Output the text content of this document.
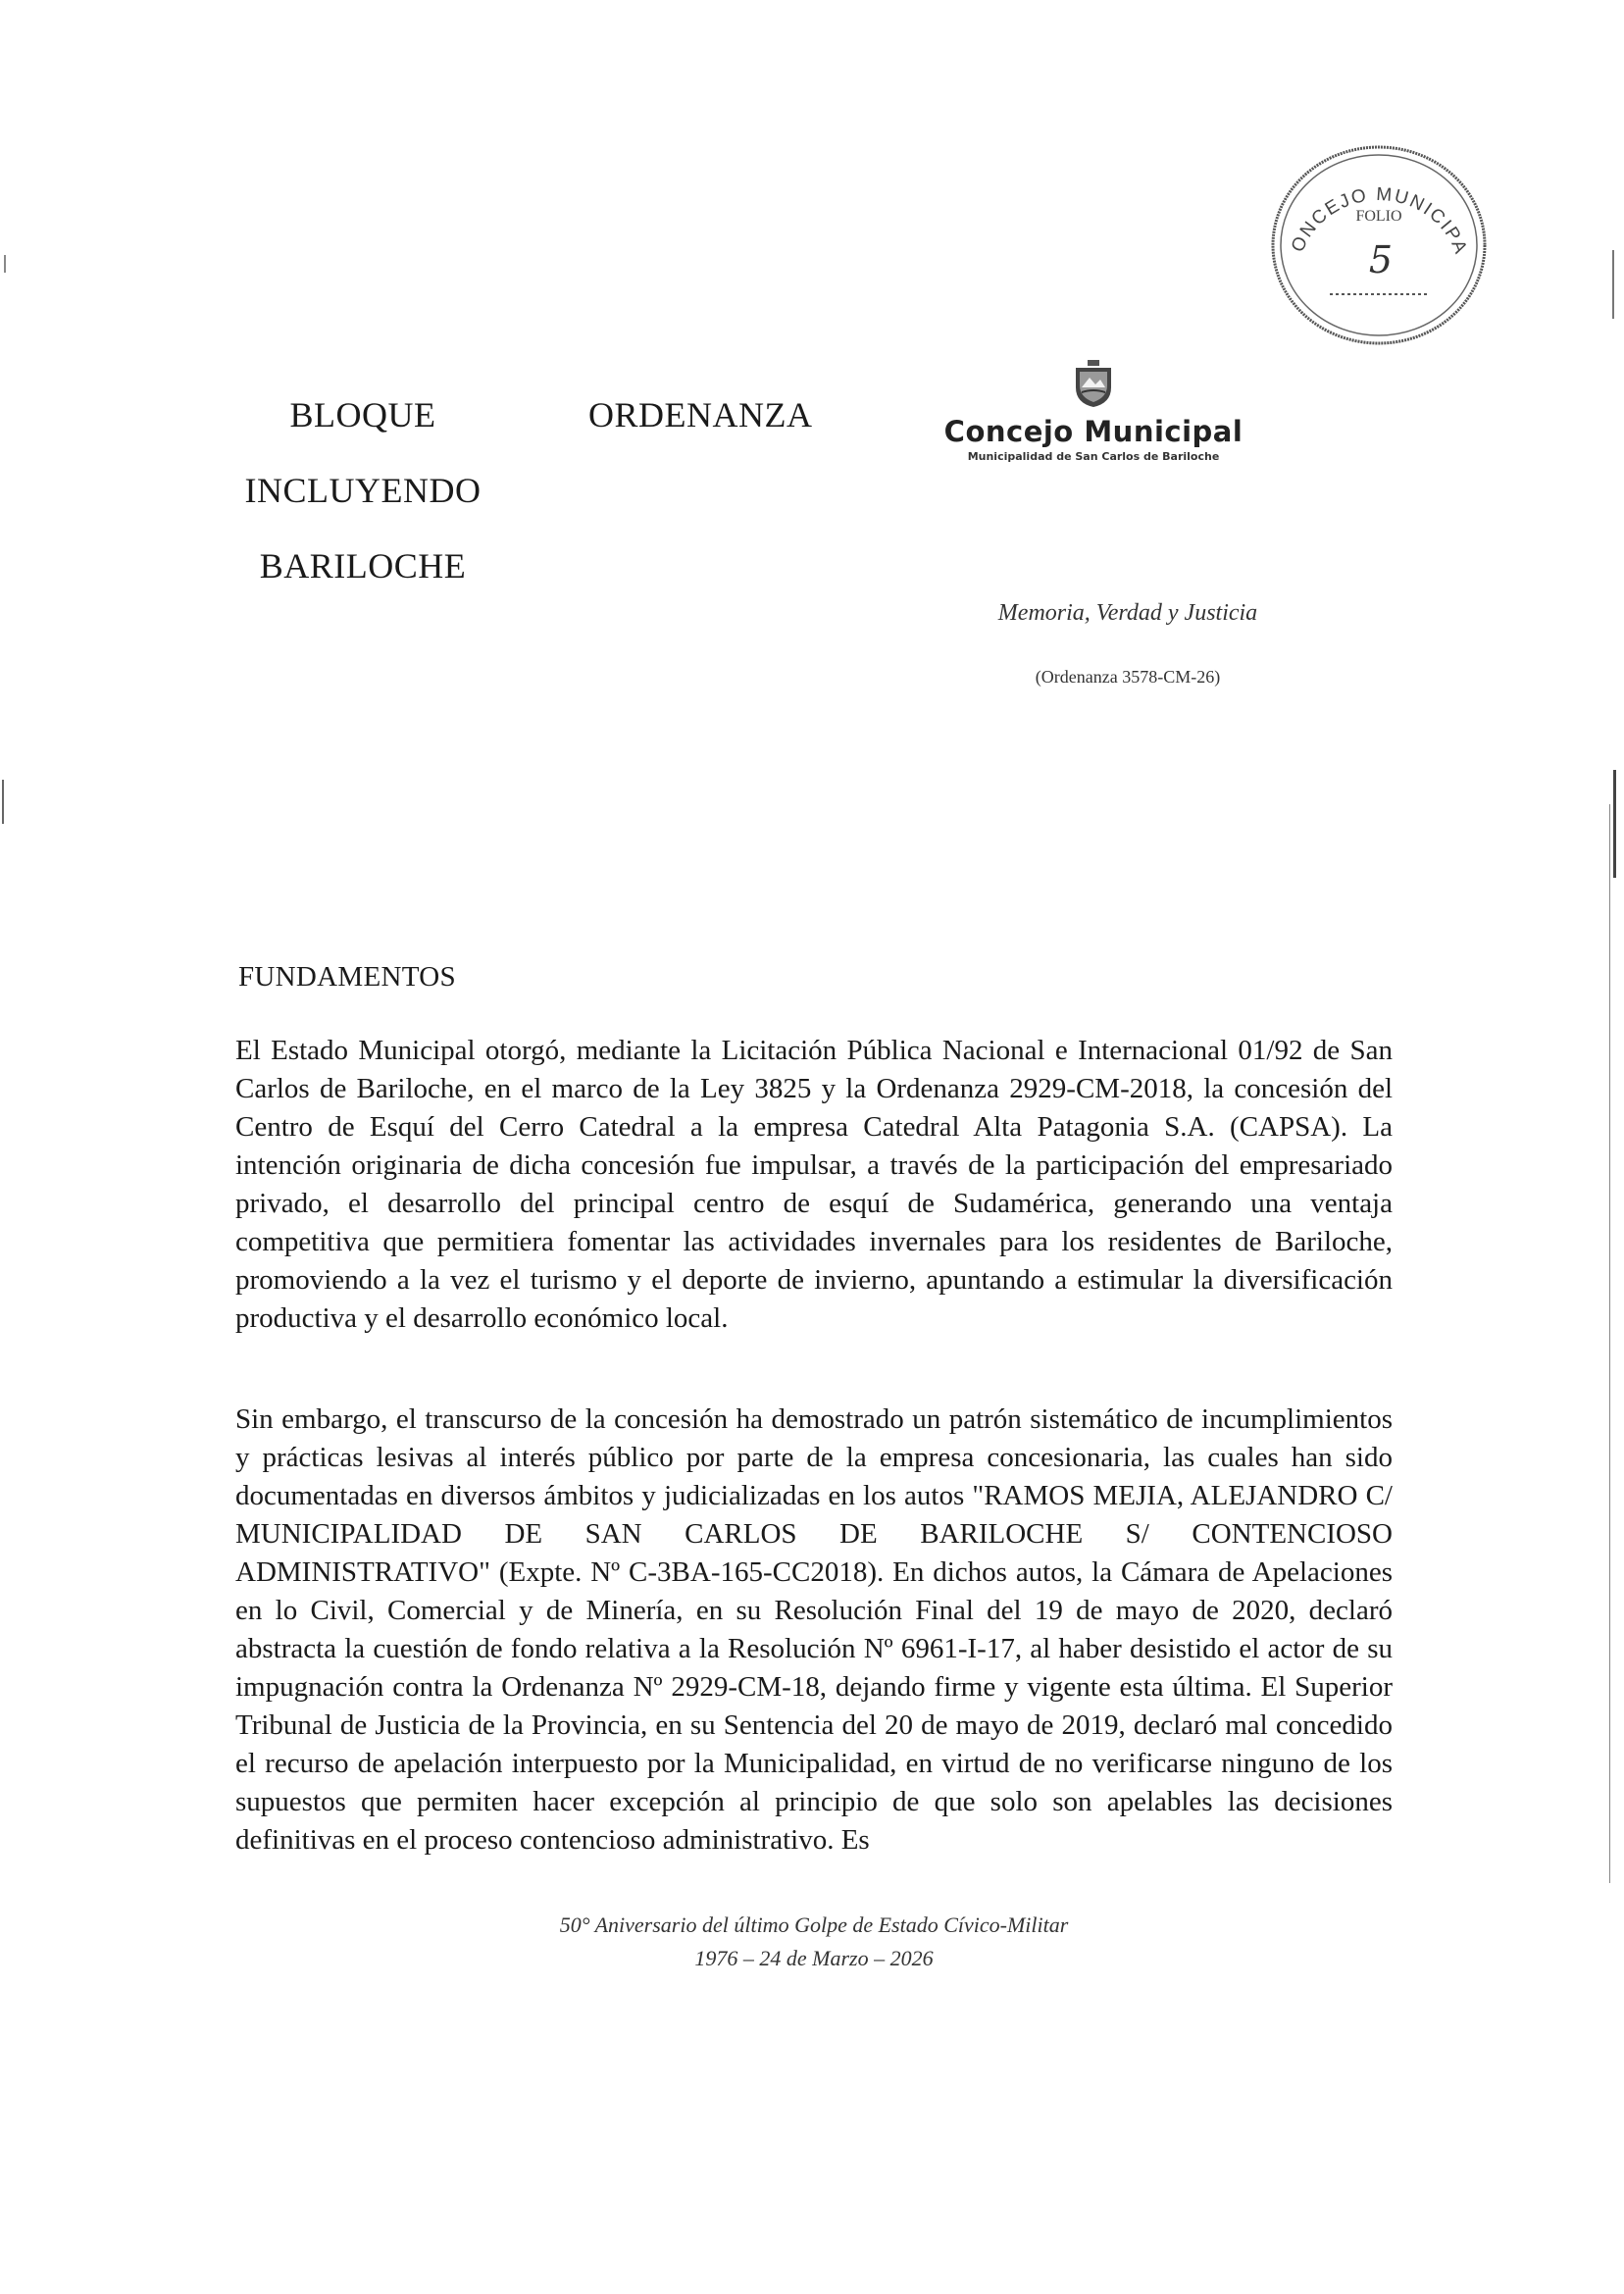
ONCEJO MUNICIPA
FOLIO
5
BLOQUE
INCLUYENDO
BARILOCHE
ORDENANZA	Concejo Municipal
Municipalidad de San Carlos de Bariloche
Memoria, Verdad y Justicia
(Ordenanza 3578-CM-26)
FUNDAMENTOS
El Estado Municipal otorgó, mediante la Licitación Pública Nacional e Internacional 01/92 de San Carlos de Bariloche, en el marco de la Ley 3825 y la Ordenanza 2929-CM-2018, la concesión del Centro de Esquí del Cerro Catedral a la empresa Catedral Alta Patagonia S.A. (CAPSA). La intención originaria de dicha concesión fue impulsar, a través de la participación del empresariado privado, el desarrollo del principal centro de esquí de Sudamérica, generando una ventaja competitiva que permitiera fomentar las actividades invernales para los residentes de Bariloche, promoviendo a la vez el turismo y el deporte de invierno, apuntando a estimular la diversificación productiva y el desarrollo económico local.
Sin embargo, el transcurso de la concesión ha demostrado un patrón sistemático de incumplimientos y prácticas lesivas al interés público por parte de la empresa concesionaria, las cuales han sido documentadas en diversos ámbitos y judicializadas en los autos "RAMOS MEJIA, ALEJANDRO C/ MUNICIPALIDAD DE SAN CARLOS DE BARILOCHE S/ CONTENCIOSO ADMINISTRATIVO" (Expte. Nº C-3BA-165-CC2018). En dichos autos, la Cámara de Apelaciones en lo Civil, Comercial y de Minería, en su Resolución Final del 19 de mayo de 2020, declaró abstracta la cuestión de fondo relativa a la Resolución Nº 6961-I-17, al haber desistido el actor de su impugnación contra la Ordenanza Nº 2929-CM-18, dejando firme y vigente esta última. El Superior Tribunal de Justicia de la Provincia, en su Sentencia del 20 de mayo de 2019, declaró mal concedido el recurso de apelación interpuesto por la Municipalidad, en virtud de no verificarse ninguno de los supuestos que permiten hacer excepción al principio de que solo son apelables las decisiones definitivas en el proceso contencioso administrativo. Es
50° Aniversario del último Golpe de Estado Cívico-Militar
1976 – 24 de Marzo – 2026
